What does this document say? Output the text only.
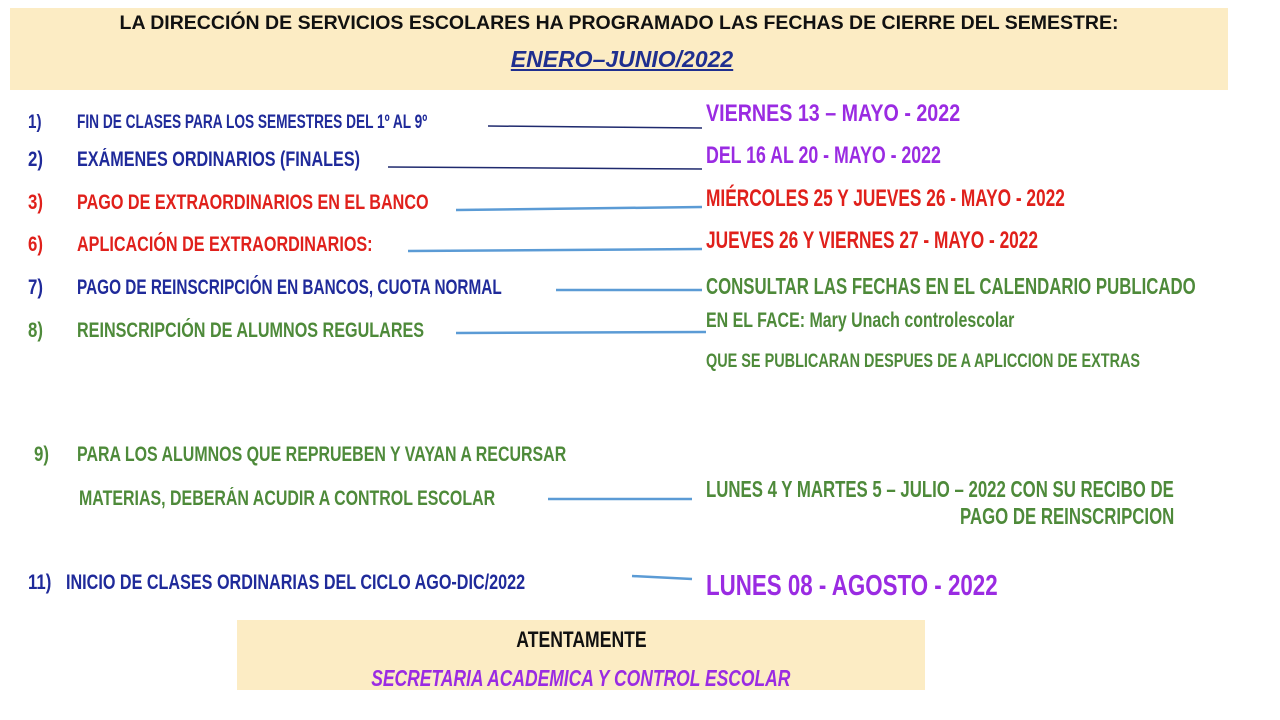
LA DIRECCIÓN DE SERVICIOS ESCOLARES HA PROGRAMADO LAS FECHAS DE CIERRE DEL SEMESTRE:
ENERO–JUNIO/2022
1) FIN DE CLASES PARA LOS SEMESTRES DEL 1º AL 9º	VIERNES 13 – MAYO - 2022
2) EXÁMENES ORDINARIOS (FINALES)	DEL 16 AL 20 - MAYO - 2022
3) PAGO DE EXTRAORDINARIOS EN EL BANCO	MIÉRCOLES 25 Y JUEVES 26 - MAYO - 2022
6) APLICACIÓN DE EXTRAORDINARIOS:	JUEVES 26 Y VIERNES 27 - MAYO - 2022
7) PAGO DE REINSCRIPCIÓN EN BANCOS, CUOTA NORMAL	CONSULTAR LAS FECHAS EN EL CALENDARIO PUBLICADO
8) REINSCRIPCIÓN DE ALUMNOS REGULARES	EN EL FACE: Mary Unach controlescolar
QUE SE PUBLICARAN DESPUES DE A APLICCION DE EXTRAS
9) PARA LOS ALUMNOS QUE REPRUEBEN Y VAYAN A RECURSAR
MATERIAS, DEBERÁN ACUDIR A CONTROL ESCOLAR	LUNES 4 Y MARTES 5 – JULIO – 2022 CON SU RECIBO DE
PAGO DE REINSCRIPCION
11) INICIO DE CLASES ORDINARIAS DEL CICLO AGO-DIC/2022	LUNES 08 - AGOSTO - 2022
ATENTAMENTE
SECRETARIA ACADEMICA Y CONTROL ESCOLAR
